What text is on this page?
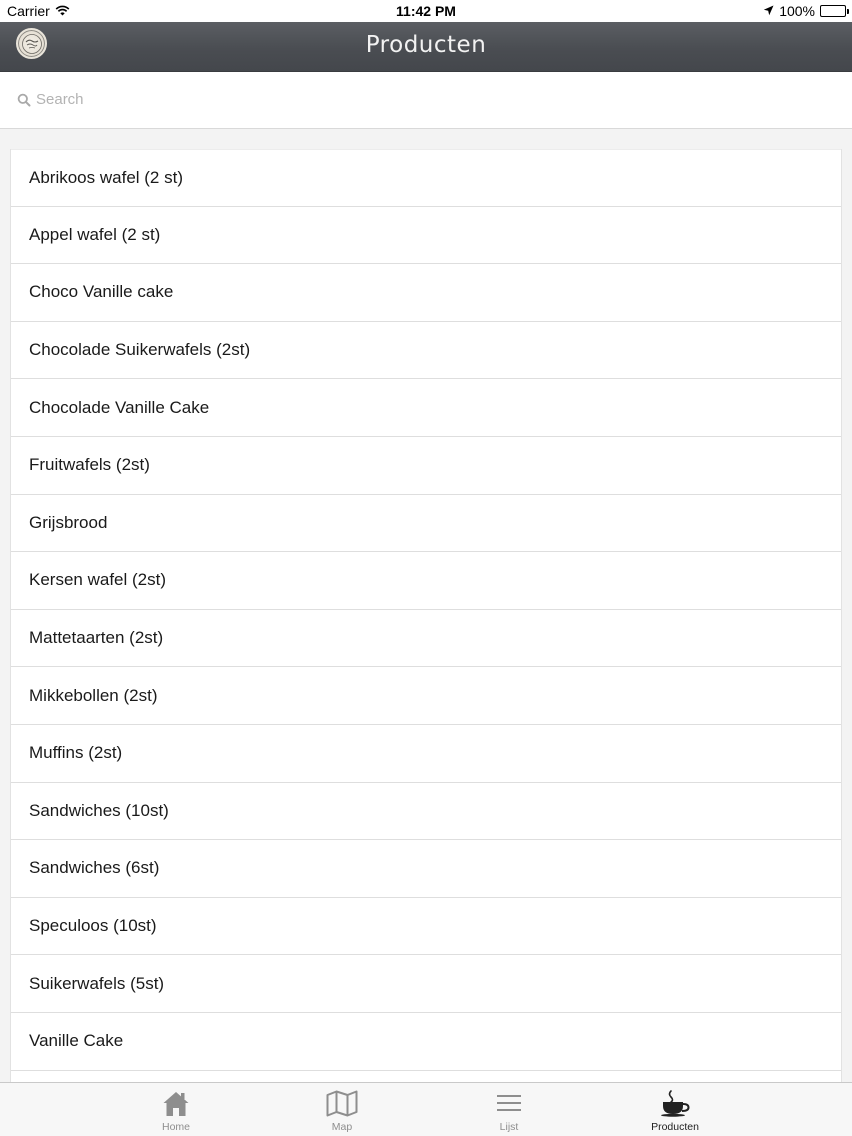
Carrier	11:42 PM	100%
Producten
Search
Abrikoos wafel (2 st)
Appel wafel (2 st)
Choco Vanille cake
Chocolade Suikerwafels (2st)
Chocolade Vanille Cake
Fruitwafels (2st)
Grijsbrood
Kersen wafel (2st)
Mattetaarten (2st)
Mikkebollen (2st)
Muffins (2st)
Sandwiches (10st)
Sandwiches (6st)
Speculoos (10st)
Suikerwafels (5st)
Vanille Cake
Home	Map	Lijst	Producten
